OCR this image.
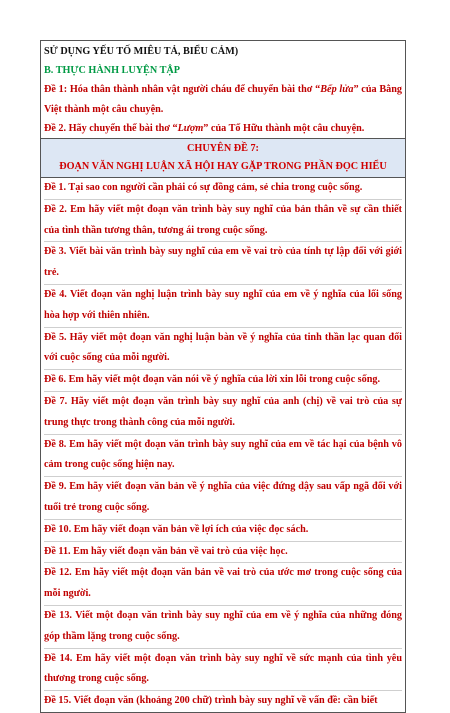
SỬ DỤNG YẾU TỐ MIÊU TẢ, BIỂU CẢM)

B. THỰC HÀNH LUYỆN TẬP

Đề 1: Hóa thân thành nhân vật người cháu để chuyển bài thơ “Bếp lửa” của Bằng Việt thành một câu chuyện.

Đề 2. Hãy chuyển thể bài thơ “Lượm” của Tố Hữu thành một câu chuyện.

CHUYÊN ĐỀ 7:

ĐOẠN VĂN NGHỊ LUẬN XÃ HỘI HAY GẶP TRONG PHẦN ĐỌC HIỂU

Đề 1. Tại sao con người cần phải có sự đồng cảm, sẻ chia trong cuộc sống.

Đề 2. Em hãy viết một đoạn văn trình bày suy nghĩ của bản thân về sự cần thiết của tình thần tương thân, tương ái trong cuộc sống.

Đề 3. Viết bài văn trình bày suy nghĩ của em về vai trò của tính tự lập đối với giới trẻ.

Đề 4. Viết đoạn văn nghị luận trình bày suy nghĩ của em về ý nghĩa của lối sống hòa hợp với thiên nhiên.

Đề 5. Hãy viết một đoạn văn nghị luận bàn về ý nghĩa của tinh thần lạc quan đối với cuộc sống của mỗi người.

Đề 6. Em hãy viết một đoạn văn nói về ý nghĩa của lời xin lỗi trong cuộc sống.

Đề 7. Hãy viết một đoạn văn trình bày suy nghĩ của anh (chị) về vai trò của sự trung thực trong thành công của mỗi người.

Đề 8. Em hãy viết một đoạn văn trình bày suy nghĩ của em về tác hại của bệnh vô cảm trong cuộc sống hiện nay.

Đề 9. Em hãy viết đoạn văn bản về ý nghĩa của việc đứng dậy sau vấp ngã đối với tuổi trẻ trong cuộc sống.

Đề 10. Em hãy viết đoạn văn bản về lợi ích của việc đọc sách.

Đề 11. Em hãy viết đoạn văn bản về vai trò của việc học.

Đề 12. Em hãy viết một đoạn văn bản về vai trò của ước mơ trong cuộc sống của mỗi người.

Đề 13. Viết một đoạn văn trình bày suy nghĩ của em về ý nghĩa của những đóng góp thầm lặng trong cuộc sống.

Đề 14. Em hãy viết một đoạn văn trình bày suy nghĩ về sức mạnh của tình yêu thương trong cuộc sống.

Đề 15. Viết đoạn văn (khoảng 200 chữ) trình bày suy nghĩ về vấn đề: cần biết
